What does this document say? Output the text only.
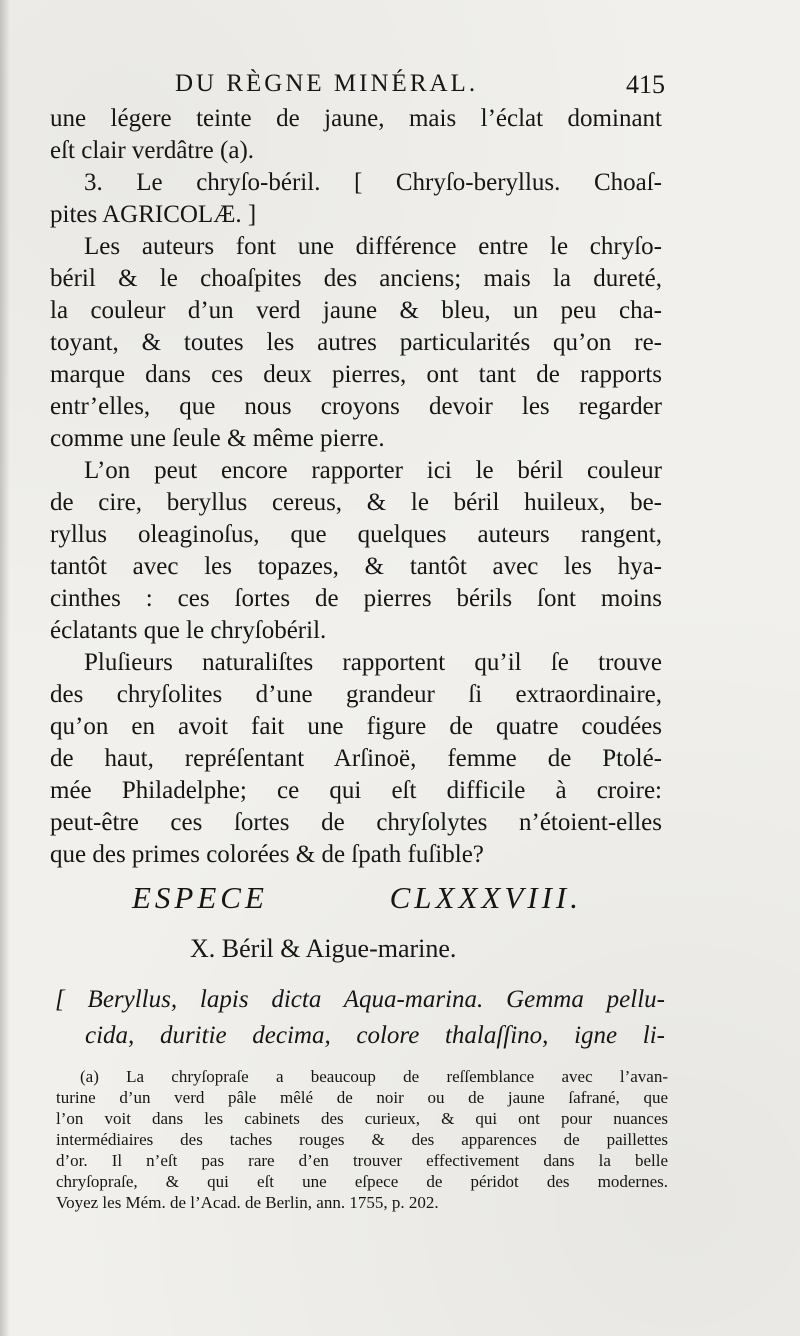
DU RÈGNE MINÉRAL.	415
une légere teinte de jaune, mais l’éclat dominant
eſt clair verdâtre (a).
3. Le chryſo-béril. [ Chryſo-beryllus. Choaſ-
pites AGRICOLÆ. ]
Les auteurs font une différence entre le chryſo-
béril & le choaſpites des anciens; mais la dureté,
la couleur d’un verd jaune & bleu, un peu cha-
toyant, & toutes les autres particularités qu’on re-
marque dans ces deux pierres, ont tant de rapports
entr’elles, que nous croyons devoir les regarder
comme une ſeule & même pierre.
L’on peut encore rapporter ici le béril couleur
de cire, beryllus cereus, & le béril huileux, be-
ryllus oleaginoſus, que quelques auteurs rangent,
tantôt avec les topazes, & tantôt avec les hya-
cinthes : ces ſortes de pierres bérils ſont moins
éclatants que le chryſobéril.
Pluſieurs naturaliſtes rapportent qu’il ſe trouve
des chryſolites d’une grandeur ſi extraordinaire,
qu’on en avoit fait une figure de quatre coudées
de haut, repréſentant Arſinoë, femme de Ptolé-
mée Philadelphe; ce qui eſt difficile à croire:
peut-être ces ſortes de chryſolytes n’étoient-elles
que des primes colorées & de ſpath fuſible?
ESPECE	CLXXXVIII.
X. Béril & Aigue-marine.
[ Beryllus, lapis dicta Aqua-marina. Gemma pellu-
cida, duritie decima, colore thalaſſino, igne li-
(a) La chryſopraſe a beaucoup de reſſemblance avec l’avan-
turine d’un verd pâle mêlé de noir ou de jaune ſafrané, que
l’on voit dans les cabinets des curieux, & qui ont pour nuances
intermédiaires des taches rouges & des apparences de paillettes
d’or. Il n’eſt pas rare d’en trouver effectivement dans la belle
chryſopraſe, & qui eſt une eſpece de péridot des modernes.
Voyez les Mém. de l’Acad. de Berlin, ann. 1755, p. 202.
